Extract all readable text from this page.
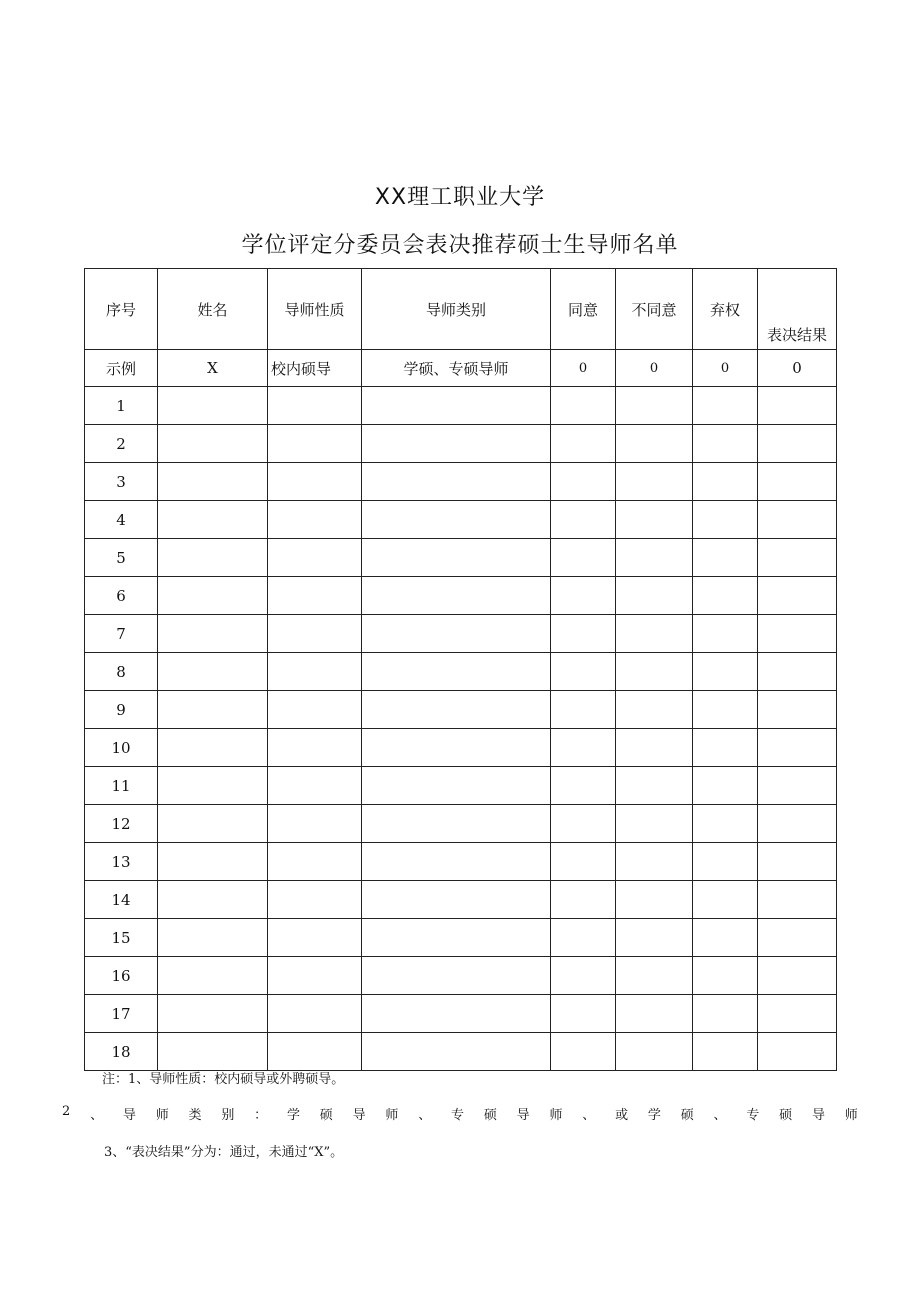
XX理工职业大学
学位评定分委员会表决推荐硕士生导师名单
序号	姓名	导师性质	导师类别	同意	不同意	弃权	表决结果
示例	X	校内硕导	学硕、专硕导师	0	0	0	0
1							
2							
3							
4							
5							
6							
7							
8							
9							
10							
11							
12							
13							
14							
15							
16							
17							
18							
注：1、导师性质：校内硕导或外聘硕导。
2 、 导 师 类 别 ： 学 硕 导 师 、 专 硕 导 师 、 或 学 硕 、 专 硕 导 师
3、“表决结果”分为：通过，未通过“X”。
